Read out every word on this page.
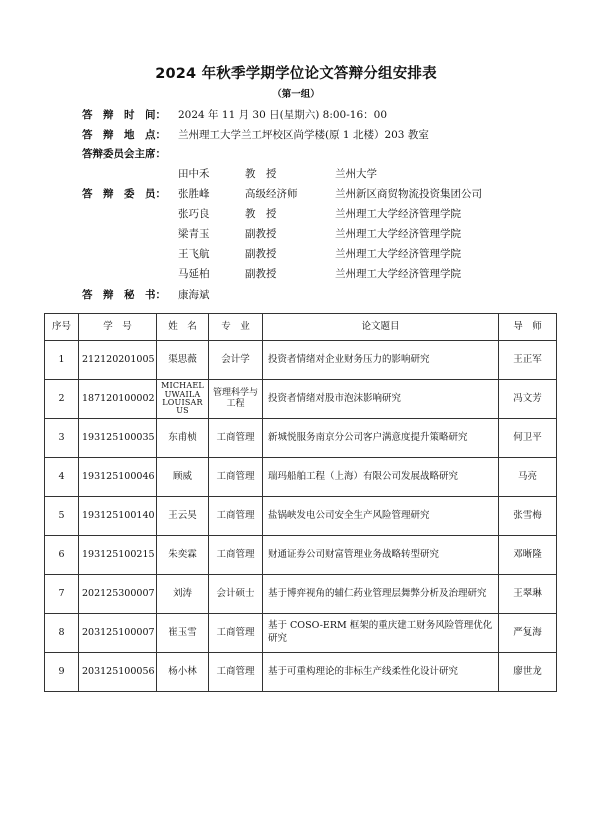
2024 年秋季学期学位论文答辩分组安排表
（第一组）
答　辩　时　间： 2024 年 11 月 30 日(星期六) 8:00-16：00
答　辩　地　点： 兰州理工大学兰工坪校区尚学楼(原 1 北楼）203 教室
答辩委员会主席：
田中禾	教　授	兰州大学
答　辩　委　员： 张胜峰	高级经济师	兰州新区商贸物流投资集团公司
张巧良	教　授	兰州理工大学经济管理学院
梁青玉	副教授	兰州理工大学经济管理学院
王飞航	副教授	兰州理工大学经济管理学院
马延柏	副教授	兰州理工大学经济管理学院
答　辩　秘　书： 康海斌
序号	学　号	姓　名	专　业	论文题目	导　师
1	212120201005	渠思薇	会计学	投资者情绪对企业财务压力的影响研究	王正军
2	187120100002	MICHAEL UWAILA LOUISAR US	管理科学与工程	投资者情绪对股市泡沫影响研究	冯文芳
3	193125100035	东甫桢	工商管理	新城悦服务南京分公司客户满意度提升策略研究	何卫平
4	193125100046	顾威	工商管理	瑞玛船舶工程（上海）有限公司发展战略研究	马亮
5	193125100140	王云昊	工商管理	盐锅峡发电公司安全生产风险管理研究	张雪梅
6	193125100215	朱奕霖	工商管理	财通证券公司财富管理业务战略转型研究	邓晰隆
7	202125300007	刘涛	会计硕士	基于博弈视角的辅仁药业管理层舞弊分析及治理研究	王翠琳
8	203125100007	崔玉雪	工商管理	基于 COSO-ERM 框架的重庆建工财务风险管理优化研究	严复海
9	203125100056	杨小林	工商管理	基于可重构理论的非标生产线柔性化设计研究	廖世龙
